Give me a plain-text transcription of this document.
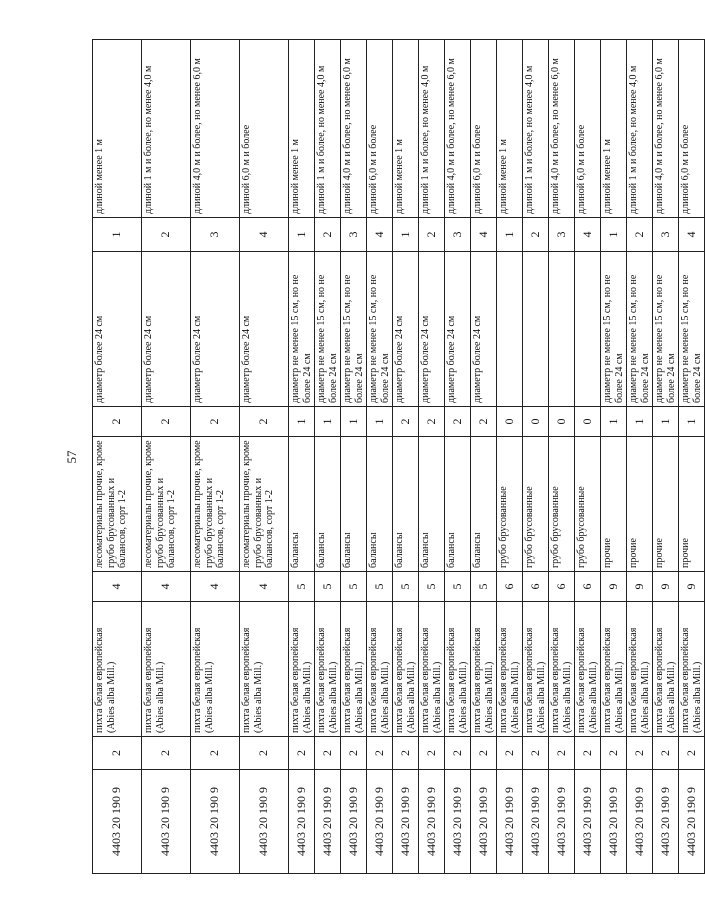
57
4403 20 190 9	2	пихта белая европейская (Abies alba Mill.)	4	лесоматериалы прочие, кроме грубо брусованных и балансов, сорт 1-2	2	диаметр более 24 см	1	длиной менее 1 м
4403 20 190 9	2	пихта белая европейская (Abies alba Mill.)	4	лесоматериалы прочие, кроме грубо брусованных и балансов, сорт 1-2	2	диаметр более 24 см	2	длиной 1 м и более, но менее 4,0 м
4403 20 190 9	2	пихта белая европейская (Abies alba Mill.)	4	лесоматериалы прочие, кроме грубо брусованных и балансов, сорт 1-2	2	диаметр более 24 см	3	длиной 4,0 м и более, но менее 6,0 м
4403 20 190 9	2	пихта белая европейская (Abies alba Mill.)	4	лесоматериалы прочие, кроме грубо брусованных и балансов, сорт 1-2	2	диаметр более 24 см	4	длиной 6,0 м и более
4403 20 190 9	2	пихта белая европейская (Abies alba Mill.)	5	балансы	1	диаметр не менее 15 см, но не более 24 см	1	длиной менее 1 м
4403 20 190 9	2	пихта белая европейская (Abies alba Mill.)	5	балансы	1	диаметр не менее 15 см, но не более 24 см	2	длиной 1 м и более, но менее 4,0 м
4403 20 190 9	2	пихта белая европейская (Abies alba Mill.)	5	балансы	1	диаметр не менее 15 см, но не более 24 см	3	длиной 4,0 м и более, но менее 6,0 м
4403 20 190 9	2	пихта белая европейская (Abies alba Mill.)	5	балансы	1	диаметр не менее 15 см, но не более 24 см	4	длиной 6,0 м и более
4403 20 190 9	2	пихта белая европейская (Abies alba Mill.)	5	балансы	2	диаметр более 24 см	1	длиной менее 1 м
4403 20 190 9	2	пихта белая европейская (Abies alba Mill.)	5	балансы	2	диаметр более 24 см	2	длиной 1 м и более, но менее 4,0 м
4403 20 190 9	2	пихта белая европейская (Abies alba Mill.)	5	балансы	2	диаметр более 24 см	3	длиной 4,0 м и более, но менее 6,0 м
4403 20 190 9	2	пихта белая европейская (Abies alba Mill.)	5	балансы	2	диаметр более 24 см	4	длиной 6,0 м и более
4403 20 190 9	2	пихта белая европейская (Abies alba Mill.)	6	грубо брусованные	0		1	длиной менее 1 м
4403 20 190 9	2	пихта белая европейская (Abies alba Mill.)	6	грубо брусованные	0		2	длиной 1 м и более, но менее 4,0 м
4403 20 190 9	2	пихта белая европейская (Abies alba Mill.)	6	грубо брусованные	0		3	длиной 4,0 м и более, но менее 6,0 м
4403 20 190 9	2	пихта белая европейская (Abies alba Mill.)	6	грубо брусованные	0		4	длиной 6,0 м и более
4403 20 190 9	2	пихта белая европейская (Abies alba Mill.)	9	прочие	1	диаметр не менее 15 см, но не более 24 см	1	длиной менее 1 м
4403 20 190 9	2	пихта белая европейская (Abies alba Mill.)	9	прочие	1	диаметр не менее 15 см, но не более 24 см	2	длиной 1 м и более, но менее 4,0 м
4403 20 190 9	2	пихта белая европейская (Abies alba Mill.)	9	прочие	1	диаметр не менее 15 см, но не более 24 см	3	длиной 4,0 м и более, но менее 6,0 м
4403 20 190 9	2	пихта белая европейская (Abies alba Mill.)	9	прочие	1	диаметр не менее 15 см, но не более 24 см	4	длиной 6,0 м и более
